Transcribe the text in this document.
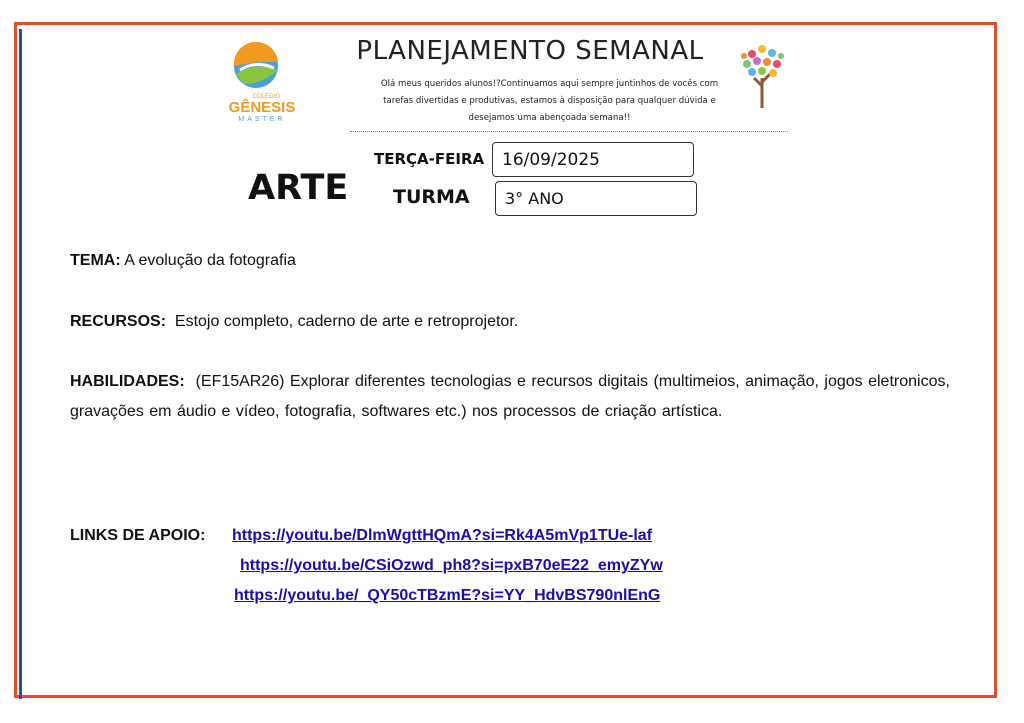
COLÉGIO
GÊNESIS
MASTER
PLANEJAMENTO SEMANAL
Olá meus queridos alunos!?Continuamos aqui sempre juntinhos de vocês com tarefas divertidas e produtivas, estamos à disposição para qualquer dúvida e desejamos uma abençoada semana!!
ARTE
TERÇA-FEIRA 16/09/2025
TURMA 3° ANO
TEMA: A evolução da fotografia
RECURSOS:  Estojo completo, caderno de arte e retroprojetor.
HABILIDADES:  (EF15AR26) Explorar diferentes tecnologias e recursos digitais (multimeios, animação, jogos eletronicos, gravações em áudio e vídeo, fotografia, softwares etc.) nos processos de criação artística.
LINKS DE APOIO: https://youtu.be/DlmWgttHQmA?si=Rk4A5mVp1TUe-laf
https://youtu.be/CSiOzwd_ph8?si=pxB70eE22_emyZYw
https://youtu.be/_QY50cTBzmE?si=YY_HdvBS790nlEnG
